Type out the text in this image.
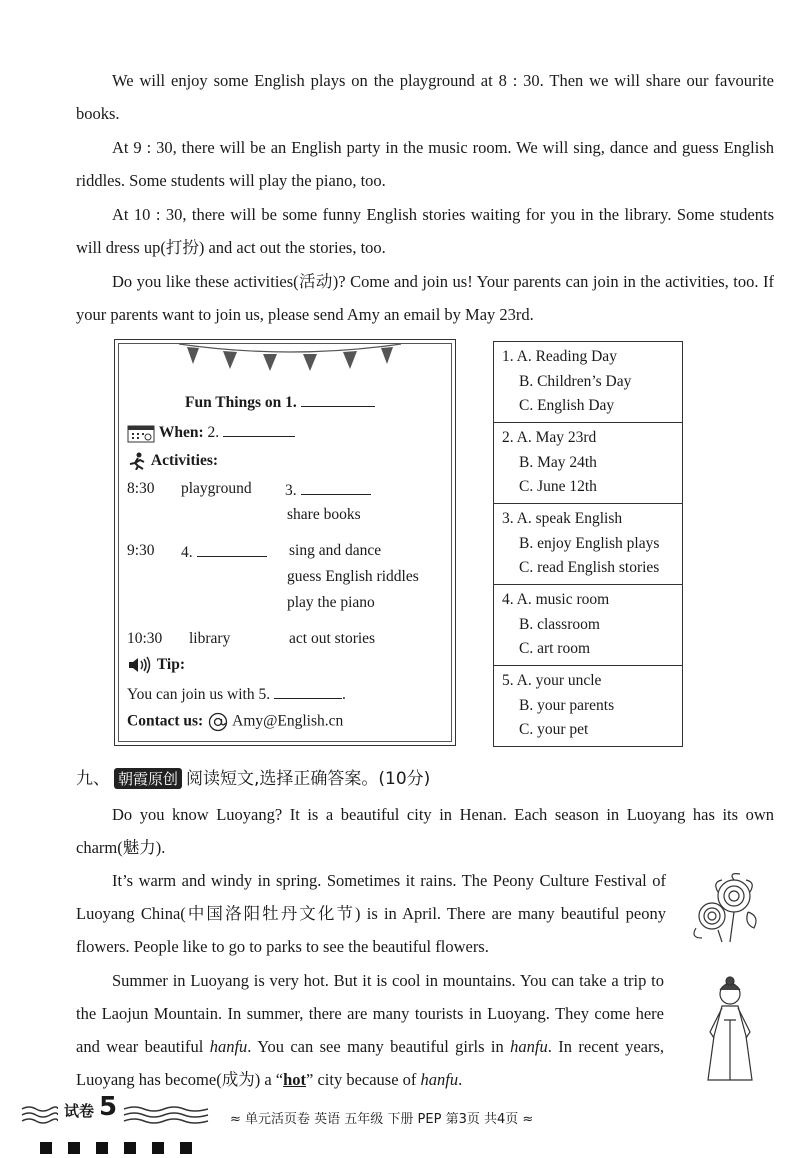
We will enjoy some English plays on the playground at 8 : 30. Then we will share our favourite books.
At 9 : 30, there will be an English party in the music room. We will sing, dance and guess English riddles. Some students will play the piano, too.
At 10 : 30, there will be some funny English stories waiting for you in the library. Some students will dress up(打扮) and act out the stories, too.
Do you like these activities(活动)? Come and join us! Your parents can join in the activities, too. If your parents want to join us, please send Amy an email by May 23rd.
Fun Things on 1.
When: 2.
Activities:
8:30 playground 3.
share books
9:30 4.	sing and dance
guess English riddles
play the piano
10:30 library	act out stories
Tip:
You can join us with 5.	.
Contact us: Amy@English.cn
1. A. Reading Day
B. Children’s Day
C. English Day
2. A. May 23rd
B. May 24th
C. June 12th
3. A. speak English
B. enjoy English plays
C. read English stories
4. A. music room
B. classroom
C. art room
5. A. your uncle
B. your parents
C. your pet
九、 朝霞原创 阅读短文,选择正确答案。(10分)
Do you know Luoyang? It is a beautiful city in Henan. Each season in Luoyang has its own charm(魅力).
It’s warm and windy in spring. Sometimes it rains. The Peony Culture Festival of Luoyang China(中国洛阳牡丹文化节) is in April. There are many beautiful peony flowers. People like to go to parks to see the beautiful flowers.
Summer in Luoyang is very hot. But it is cool in mountains. You can take a trip to the Laojun Mountain. In summer, there are many tourists in Luoyang. They come here and wear beautiful hanfu. You can see many beautiful girls in hanfu. In recent years, Luoyang has become(成为) a “hot” city because of hanfu.
试卷 5	≈ 单元活页卷 英语 五年级 下册 PEP 第3页 共4页 ≈
